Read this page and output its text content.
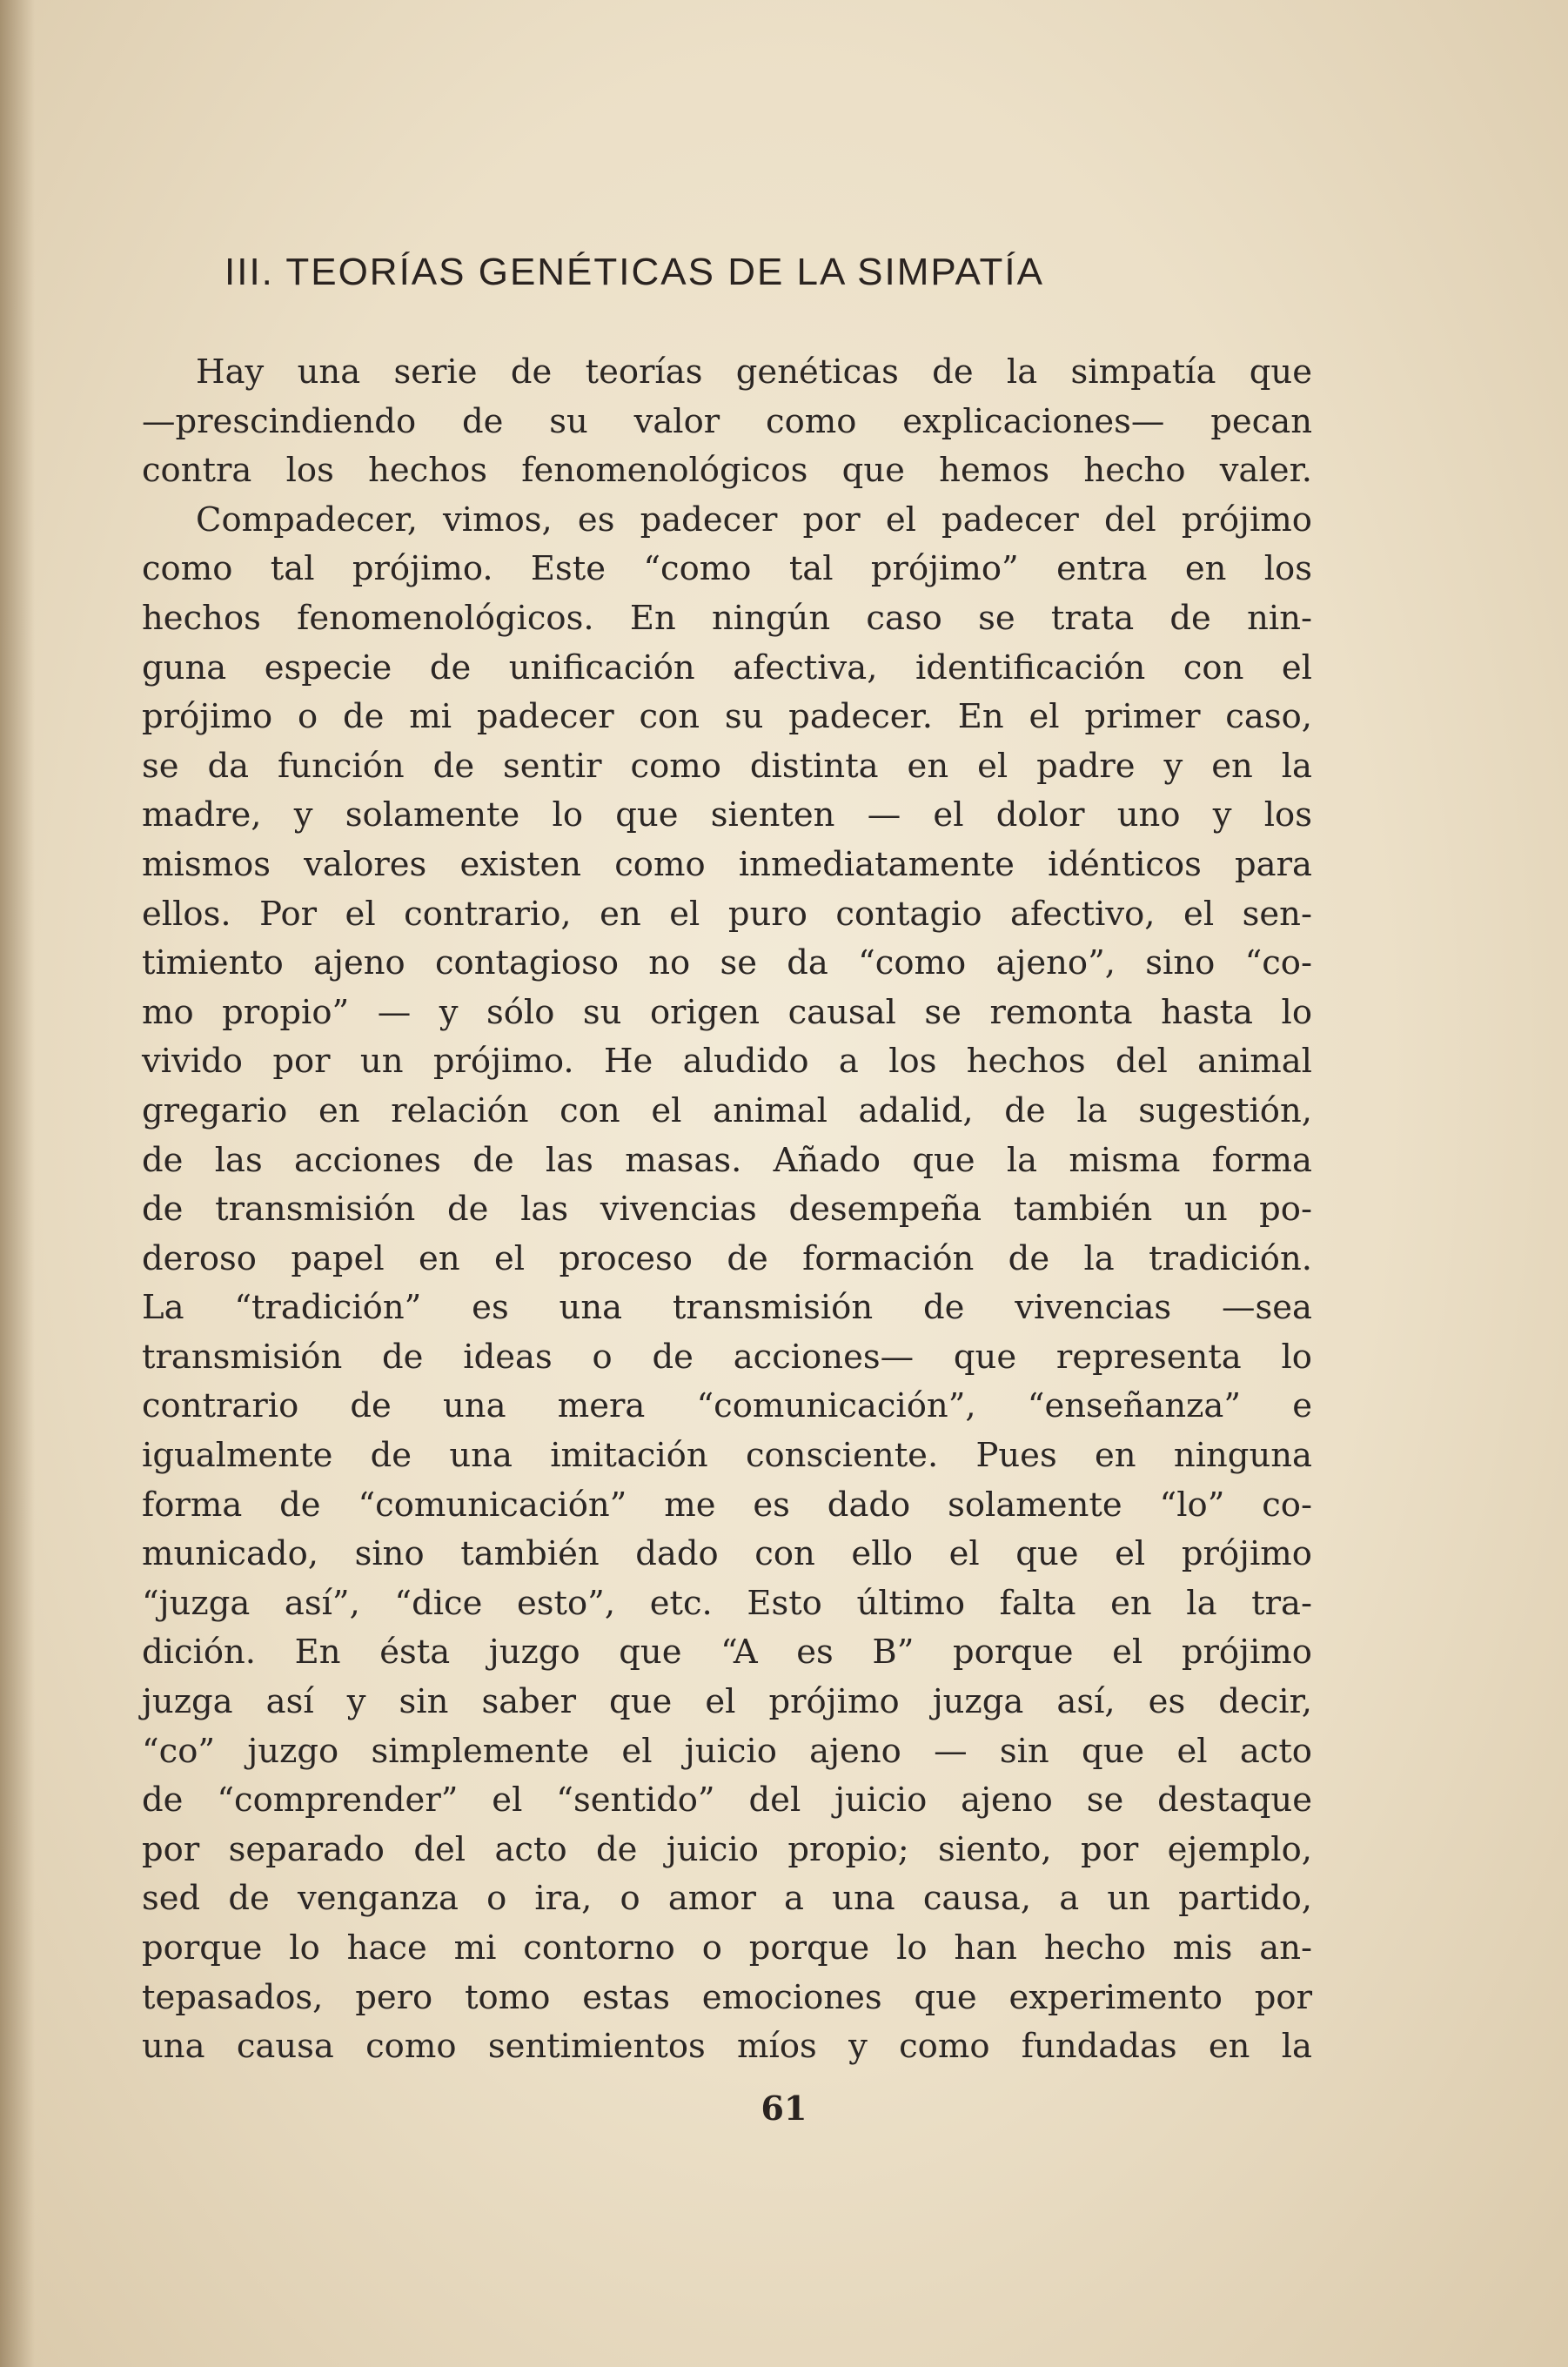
III. TEORÍAS GENÉTICAS DE LA SIMPATÍA
Hay una serie de teorías genéticas de la simpatía que
—prescindiendo de su valor como explicaciones— pecan
contra los hechos fenomenológicos que hemos hecho valer.
Compadecer, vimos, es padecer por el padecer del prójimo
como tal prójimo. Este “como tal prójimo” entra en los
hechos fenomenológicos. En ningún caso se trata de nin-
guna especie de unificación afectiva, identificación con el
prójimo o de mi padecer con su padecer. En el primer caso,
se da función de sentir como distinta en el padre y en la
madre, y solamente lo que sienten — el dolor uno y los
mismos valores existen como inmediatamente idénticos para
ellos. Por el contrario, en el puro contagio afectivo, el sen-
timiento ajeno contagioso no se da “como ajeno”, sino “co-
mo propio” — y sólo su origen causal se remonta hasta lo
vivido por un prójimo. He aludido a los hechos del animal
gregario en relación con el animal adalid, de la sugestión,
de las acciones de las masas. Añado que la misma forma
de transmisión de las vivencias desempeña también un po-
deroso papel en el proceso de formación de la tradición.
La “tradición” es una transmisión de vivencias —sea
transmisión de ideas o de acciones— que representa lo
contrario de una mera “comunicación”, “enseñanza” e
igualmente de una imitación consciente. Pues en ninguna
forma de “comunicación” me es dado solamente “lo” co-
municado, sino también dado con ello el que el prójimo
“juzga así”, “dice esto”, etc. Esto último falta en la tra-
dición. En ésta juzgo que “A es B” porque el prójimo
juzga así y sin saber que el prójimo juzga así, es decir,
“co” juzgo simplemente el juicio ajeno — sin que el acto
de “comprender” el “sentido” del juicio ajeno se destaque
por separado del acto de juicio propio; siento, por ejemplo,
sed de venganza o ira, o amor a una causa, a un partido,
porque lo hace mi contorno o porque lo han hecho mis an-
tepasados, pero tomo estas emociones que experimento por
una causa como sentimientos míos y como fundadas en la
61
